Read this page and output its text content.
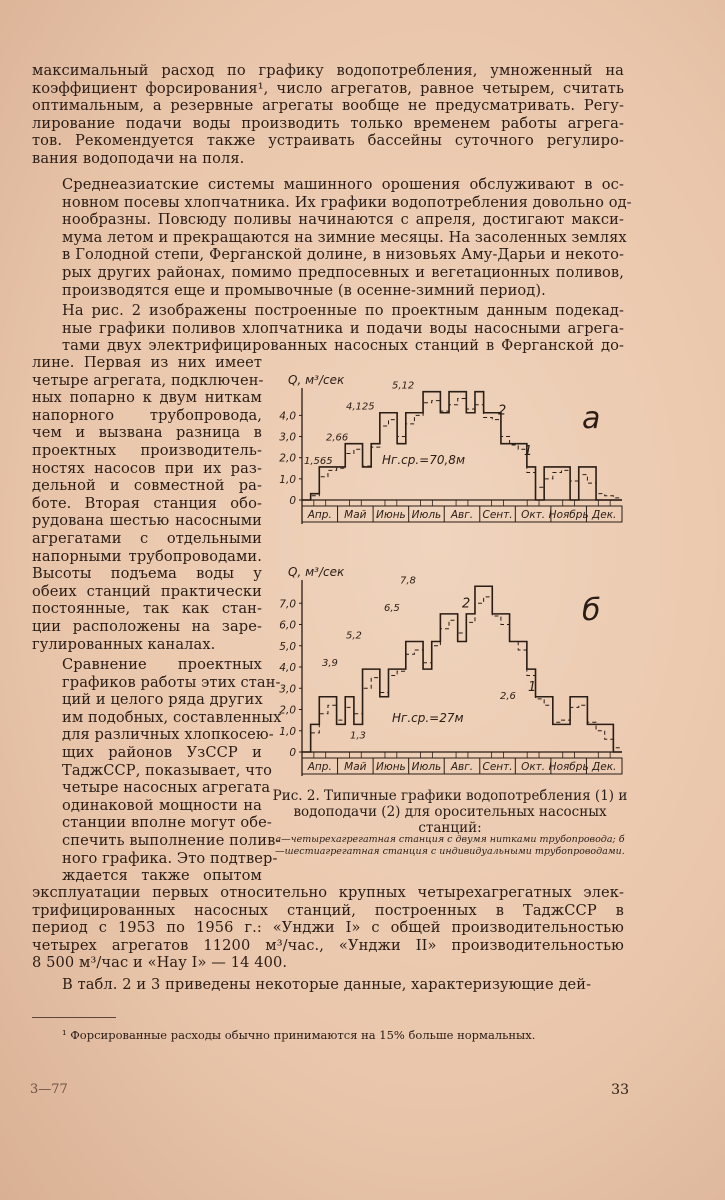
максимальный расход по графику водопотребления, умноженный на
коэффициент форсирования¹, число агрегатов, равное четырем, считать
оптимальным, а резервные агрегаты вообще не предусматривать. Регу-
лирование подачи воды производить только временем работы агрега-
тов. Рекомендуется также устраивать бассейны суточного регулиро-
вания водоподачи на поля.
Среднеазиатские системы машинного орошения обслуживают в ос-
новном посевы хлопчатника. Их графики водопотребления довольно од-
нообразны. Повсюду поливы начинаются с апреля, достигают макси-
мума летом и прекращаются на зимние месяцы. На засоленных землях
в Голодной степи, Ферганской долине, в низовьях Аму-Дарьи и некото-
рых других районах, помимо предпосевных и вегетационных поливов,
производятся еще и промывочные (в осенне-зимний период).
На рис. 2 изображены построенные по проектным данным подекад-
ные графики поливов хлопчатника и подачи воды насосными агрега-
тами двух электрифицированных насосных станций в Ферганской до-
лине. Первая из них имеет
четыре агрегата, подключен-
ных попарно к двум ниткам
напорного трубопровода,
чем и вызвана разница в
проектных производитель-
ностях насосов при их раз-
дельной и совместной ра-
боте. Вторая станция обо-
рудована шестью насосными
агрегатами с отдельными
напорными трубопроводами.
Высоты подъема воды у
обеих станций практически
постоянные, так как стан-
ции расположены на заре-
гулированных каналах.
Сравнение проектных
графиков работы этих стан-
ций и целого ряда других
им подобных, составленных
для различных хлопкосею-
щих районов УзССР и
ТаджССР, показывает, что
четыре насосных агрегата
одинаковой мощности на
станции вполне могут обе-
спечить выполнение полив-
ного графика. Это подтвер-
ждается также опытом
эксплуатации первых относительно крупных четырехагрегатных элек-
трифицированных насосных станций, построенных в ТаджССР в
период с 1953 по 1956 г.: «Унджи I» с общей производительностью
четырех агрегатов 11200 м³/час., «Унджи II» производительностью
8 500 м³/час и «Нау I» — 14 400.
В табл. 2 и 3 приведены некоторые данные, характеризующие дей-
Апр. Май Июнь Июль Авг. Сент. Окт. Ноябрь Дек.
0
1,0
2,0
3,0
4,0
Q, м³/сек
а
Апр. Май Июнь Июль Авг. Сент. Окт. Ноябрь Дек.
0
1,0
2,0
3,0
4,0
5,0
6,0
7,0
Q, м³/сек
б
1,565
2,66
4,125
5,12
Нг.ср.=70,8м
2
1
1,3
3,9
5,2
6,5
7,8
2,6
Нг.ср.=27м
2
1
Рис. 2. Типичные графики водопотребления (1) и водоподачи (2) для оросительных насосных станций:
а—четырехагрегатная станция с двумя нитками трубопровода; б—шестиагрегатная станция с индивидуальными трубопроводами.
¹ Форсированные расходы обычно принимаются на 15% больше нормальных.
3—77	33
